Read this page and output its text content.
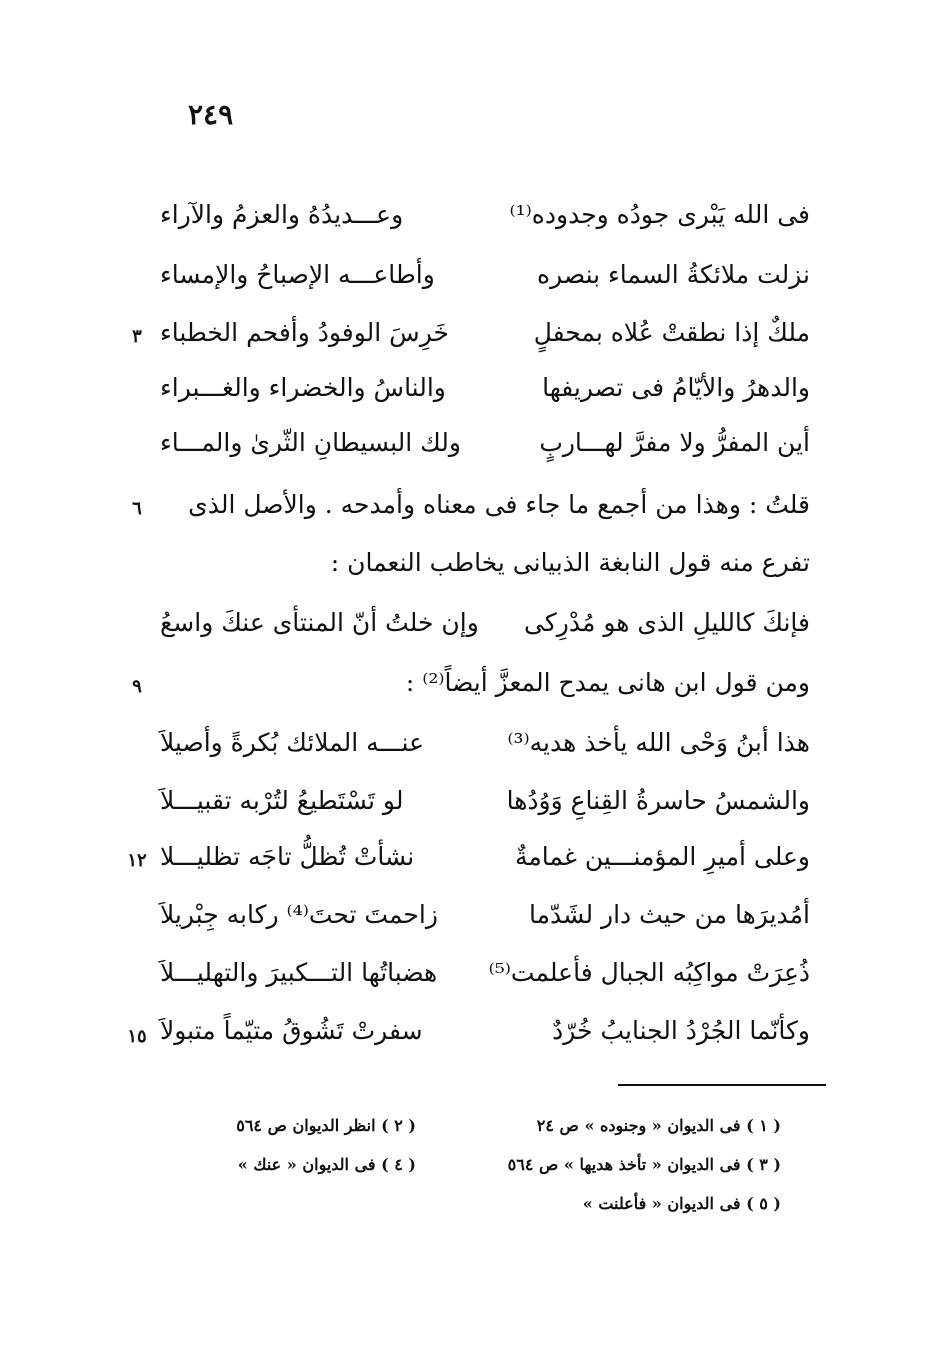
٢٤٩
فى الله يَبْرى جودُه وجدوده⁽¹⁾
وعـــديدُهُ والعزمُ والآراء
نزلت ملائكةُ السماء بنصره
وأطاعـــه الإصباحُ والإمساء
ملكٌ إذا نطقتْ عُلاه بمحفلٍ
خَرِسَ الوفودُ وأفحم الخطباء
٣
والدهرُ والأيّامُ فى تصريفها
والناسُ والخضراء والغـــبراء
أين المفرُّ ولا مفرَّ لهـــاربٍ
ولك البسيطانِ الثّرىٰ والمـــاء
قلتُ : وهذا من أجمع ما جاء فى معناه وأمدحه . والأصل الذى
٦
تفرع منه قول النابغة الذبيانى يخاطب النعمان :
فإنكَ كالليلِ الذى هو مُدْرِكى
وإن خلتُ أنّ المنتأى عنكَ واسعُ
ومن قول ابن هانى يمدح المعزَّ أيضاً⁽²⁾ :
٩
هذا أبنُ وَحْى الله يأخذ هديه⁽³⁾
عنـــه الملائك بُكرةً وأصيلاَ
والشمسُ حاسرةُ القِناعِ وَوُدُها
لو تَسْتَطيعُ لتُرْبه تقبيـــلاَ
وعلى أميرِ المؤمنـــين غمامةٌ
نشأتْ تُظلُّ تاجَه تظليـــلا
١٢
أمُديرَها من حيث دار لشَدّما
زاحمتَ تحتَ⁽⁴⁾ ركابه جِبْريلاَ
ذُعِرَتْ مواكِبُه الجبال فأعلمت⁽⁵⁾
هضباتُها التـــكبيرَ والتهليـــلاَ
وكأنّما الجُرْدُ الجنايبُ خُرّدٌ
سفرتْ تَشُوقُ متيّماً متبولاَ
١٥
( ١ ) فى الديوان « وجنوده » ص ٢٤
( ٢ ) انظر الديوان ص ٥٦٤
( ٣ ) فى الديوان « تأخذ هديها » ص ٥٦٤
( ٤ ) فى الديوان « عنك »
( ٥ ) فى الديوان « فأعلنت »
